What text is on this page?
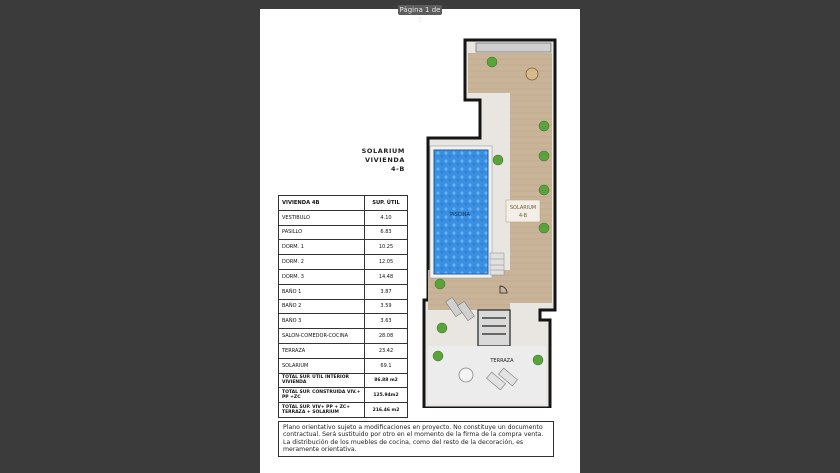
Página 1 de 1
SOLARIUM
VIVIENDA 4-B
VIVIENDA 4B	SUP. ÚTIL
VESTIBULO	4.10
PASILLO	6.83
DORM. 1	10.25
DORM. 2	12.05
DORM. 3	14.48
BAÑO 1	3.87
BAÑO 2	3.59
BAÑO 3	3.63
SALON-COMEDOR-COCINA	28.08
TERRAZA	23.42
SOLARIUM	69.1
TOTAL SUP. ÚTIL INTERIOR VIVIENDA	86.88 m2
TOTAL SUP. CONSTRUIDA VIV.+ PP +ZC	125.94m2
TOTAL SUP. VIV+ PP + ZC+ TERRAZA + SOLARIUM	216.46 m2
Plano orientativo sujeto a modificaciones en proyecto. No constituye un documento contractual. Será sustituido por otro en el momento de la firma de la compra venta. La distribución de los muebles de cocina, como del resto de la decoración, es meramente orientativa.
SOLARIUM
4-B
PISCINA
TERRAZA
